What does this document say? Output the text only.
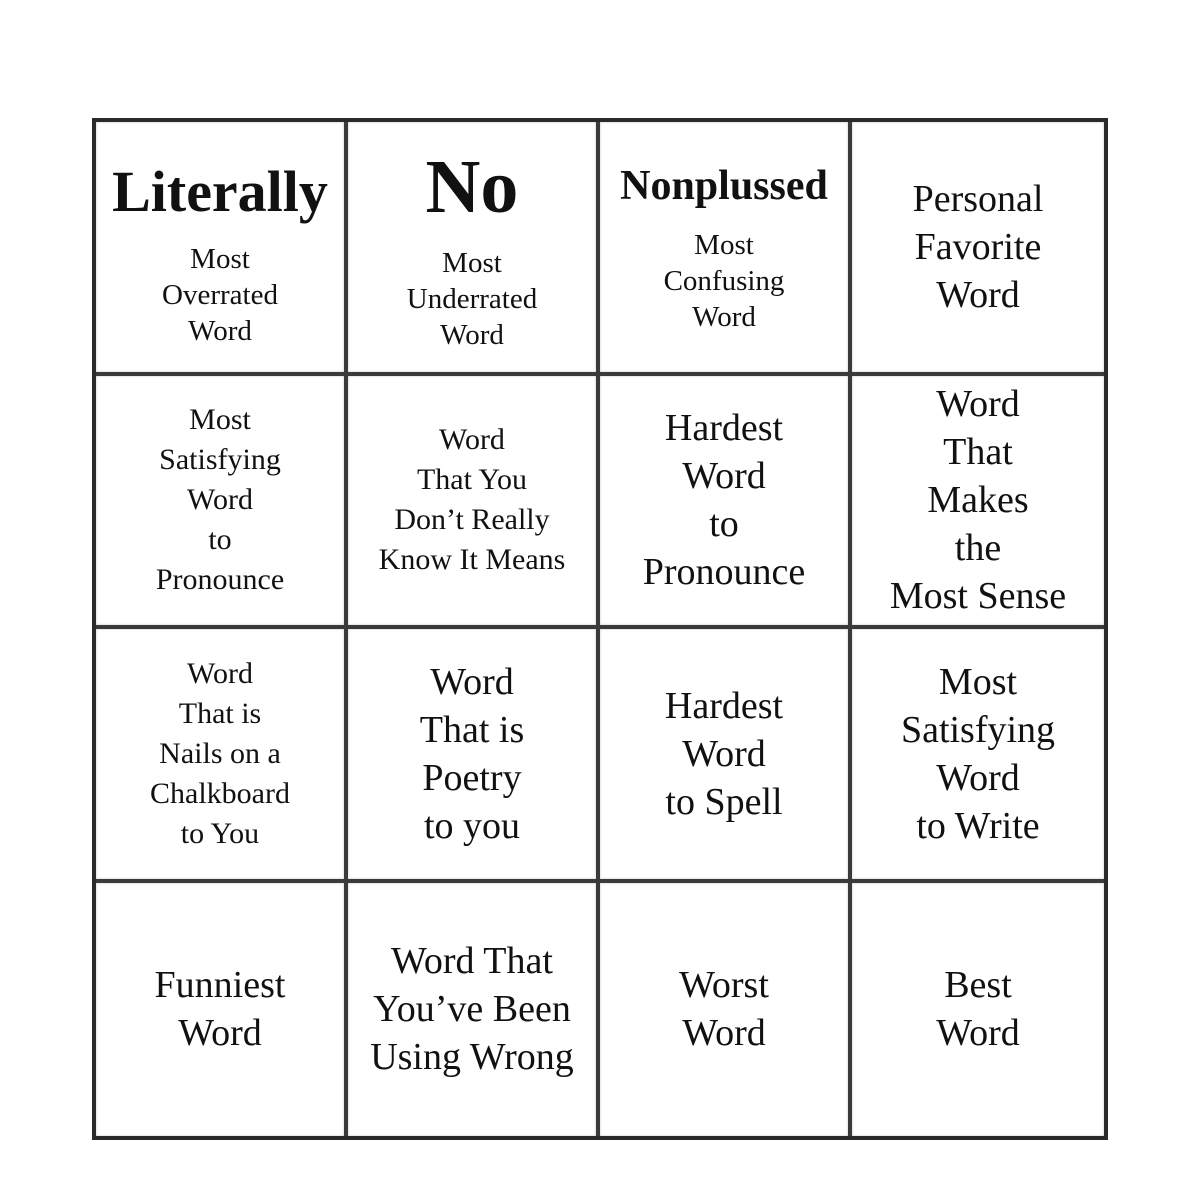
Literally
Most
Overrated
Word
No
Most
Underrated
Word
Nonplussed
Most
Confusing
Word
Personal
Favorite
Word
Most
Satisfying
Word
to
Pronounce
Word
That You
Don’t Really
Know It Means
Hardest
Word
to
Pronounce
Word
That
Makes
the
Most Sense
Word
That is
Nails on a
Chalkboard
to You
Word
That is
Poetry
to you
Hardest
Word
to Spell
Most
Satisfying
Word
to Write
Funniest
Word
Word That
You’ve Been
Using Wrong
Worst
Word
Best
Word
